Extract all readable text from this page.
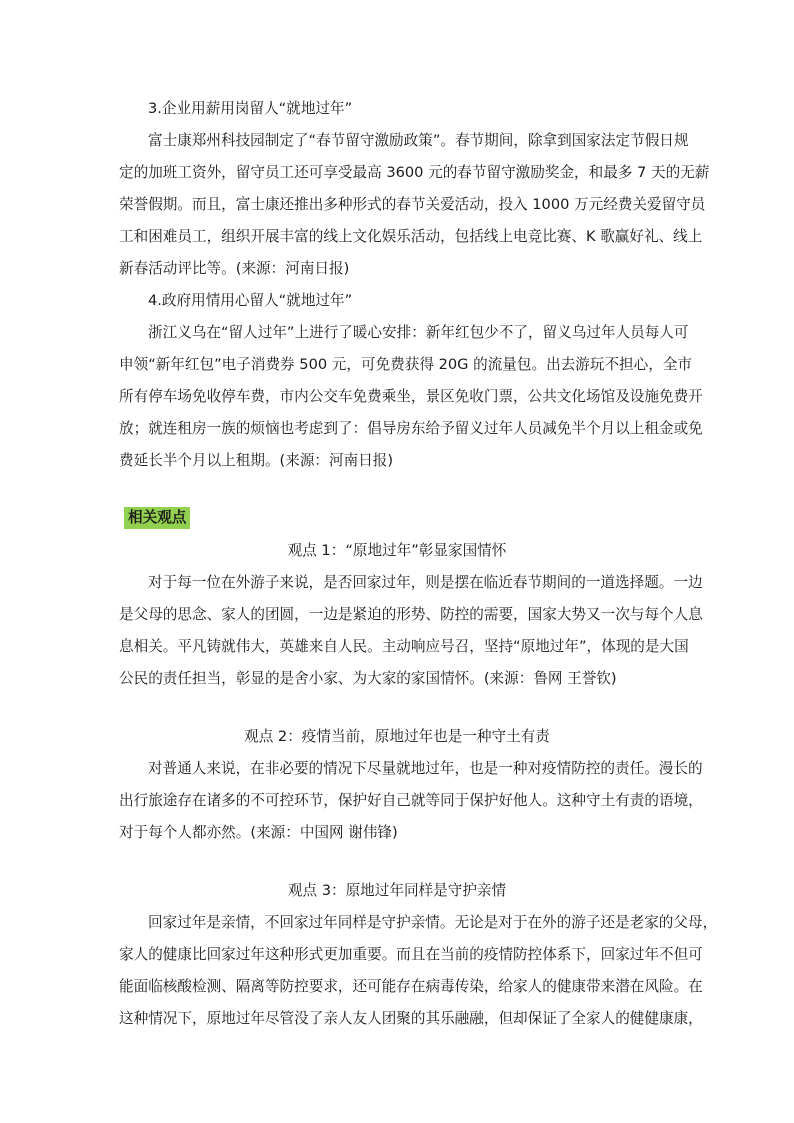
3.企业用薪用岗留人“就地过年”
富士康郑州科技园制定了“春节留守激励政策”。春节期间，除拿到国家法定节假日规
定的加班工资外，留守员工还可享受最高 3600 元的春节留守激励奖金，和最多 7 天的无薪
荣誉假期。而且，富士康还推出多种形式的春节关爱活动，投入 1000 万元经费关爱留守员
工和困难员工，组织开展丰富的线上文化娱乐活动，包括线上电竞比赛、K 歌赢好礼、线上
新春活动评比等。(来源：河南日报)
4.政府用情用心留人“就地过年”
浙江义乌在“留人过年”上进行了暖心安排：新年红包少不了，留义乌过年人员每人可
申领“新年红包”电子消费券 500 元，可免费获得 20G 的流量包。出去游玩不担心，全市
所有停车场免收停车费，市内公交车免费乘坐，景区免收门票，公共文化场馆及设施免费开
放；就连租房一族的烦恼也考虑到了：倡导房东给予留义过年人员减免半个月以上租金或免
费延长半个月以上租期。(来源：河南日报)
相关观点
观点 1：“原地过年”彰显家国情怀
对于每一位在外游子来说，是否回家过年，则是摆在临近春节期间的一道选择题。一边
是父母的思念、家人的团圆，一边是紧迫的形势、防控的需要，国家大势又一次与每个人息
息相关。平凡铸就伟大，英雄来自人民。主动响应号召，坚持“原地过年”，体现的是大国
公民的责任担当，彰显的是舍小家、为大家的家国情怀。(来源：鲁网 王誉钦)
观点 2：疫情当前，原地过年也是一种守土有责
对普通人来说，在非必要的情况下尽量就地过年，也是一种对疫情防控的责任。漫长的
出行旅途存在诸多的不可控环节，保护好自己就等同于保护好他人。这种守土有责的语境，
对于每个人都亦然。(来源：中国网 谢伟锋)
观点 3：原地过年同样是守护亲情
回家过年是亲情，不回家过年同样是守护亲情。无论是对于在外的游子还是老家的父母，
家人的健康比回家过年这种形式更加重要。而且在当前的疫情防控体系下，回家过年不但可
能面临核酸检测、隔离等防控要求，还可能存在病毒传染，给家人的健康带来潜在风险。在
这种情况下，原地过年尽管没了亲人友人团聚的其乐融融，但却保证了全家人的健健康康，
